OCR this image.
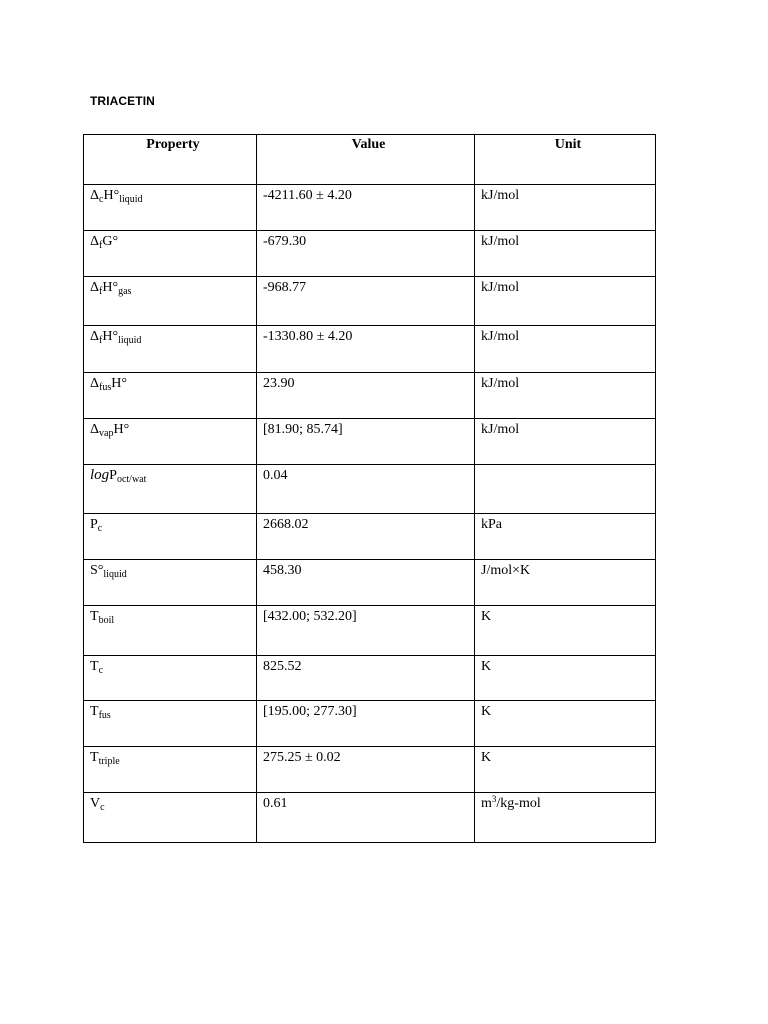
TRIACETIN
Property	Value	Unit
$\Delta_cH^\circ_{liquid}$	-4211.60 ± 4.20	kJ/mol
$\Delta_fG^\circ$	-679.30	kJ/mol
$\Delta_fH^\circ_{gas}$	-968.77	kJ/mol
$\Delta_fH^\circ_{liquid}$	-1330.80 ± 4.20	kJ/mol
$\Delta_{fus}H^\circ$	23.90	kJ/mol
$\Delta_{vap}H^\circ$	[81.90; 85.74]	kJ/mol
logP$_{oct/wat}$	0.04	
$P_c$	2668.02	kPa
$S^\circ_{liquid}$	458.30	J/mol×K
$T_{boil}$	[432.00; 532.20]	K
$T_c$	825.52	K
$T_{fus}$	[195.00; 277.30]	K
$T_{triple}$	275.25 ± 0.02	K
$V_c$	0.61	$m^3/kg$-mol
